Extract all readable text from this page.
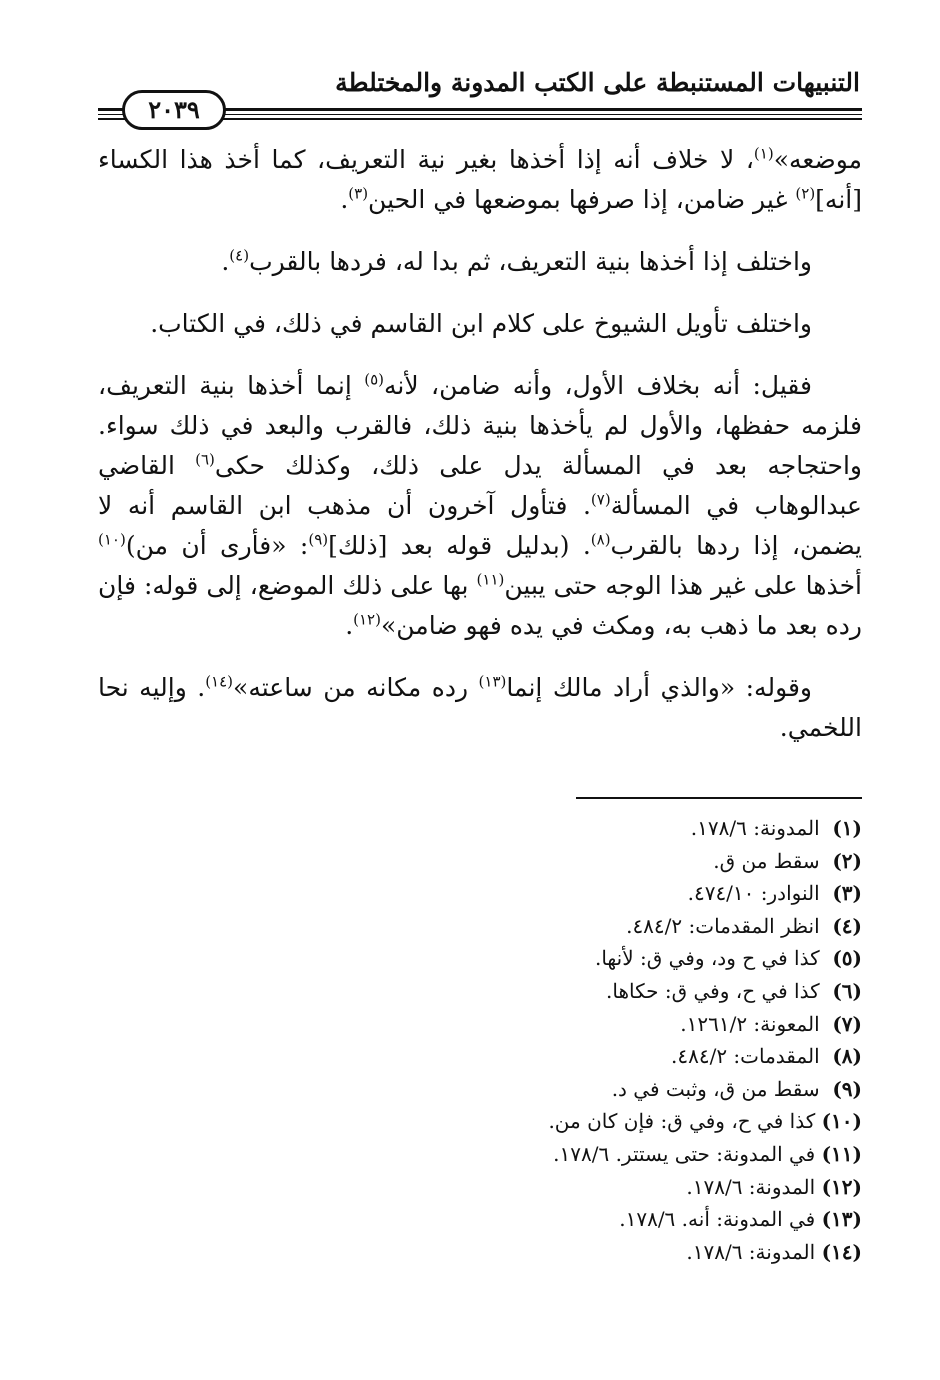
التنبيهات المستنبطة على الكتب المدونة والمختلطة
٢٠٣٩

موضعه»$^{(١)}$، لا خلاف أنه إذا أخذها بغير نية التعريف، كما أخذ هذا الكساء [أنه]$^{(٢)}$ غير ضامن، إذا صرفها بموضعها في الحين$^{(٣)}$.

واختلف إذا أخذها بنية التعريف، ثم بدا له، فردها بالقرب$^{(٤)}$.

واختلف تأويل الشيوخ على كلام ابن القاسم في ذلك، في الكتاب.

فقيل: أنه بخلاف الأول، وأنه ضامن، لأنه$^{(٥)}$ إنما أخذها بنية التعريف، فلزمه حفظها، والأول لم يأخذها بنية ذلك، فالقرب والبعد في ذلك سواء. واحتجاجه بعد في المسألة يدل على ذلك، وكذلك حكى$^{(٦)}$ القاضي عبدالوهاب في المسألة$^{(٧)}$. فتأول آخرون أن مذهب ابن القاسم أنه لا يضمن، إذا ردها بالقرب$^{(٨)}$. (بدليل قوله بعد [ذلك]$^{(٩)}$: «فأرى أن من)$^{(١٠)}$ أخذها على غير هذا الوجه حتى يبين$^{(١١)}$ بها على ذلك الموضع، إلى قوله: فإن رده بعد ما ذهب به، ومكث في يده فهو ضامن»$^{(١٢)}$.

وقوله: «والذي أراد مالك إنما$^{(١٣)}$ رده مكانه من ساعته»$^{(١٤)}$. وإليه نحا اللخمي.

(١) المدونة: ١٧٨/٦.
(٢) سقط من ق.
(٣) النوادر: ٤٧٤/١٠.
(٤) انظر المقدمات: ٤٨٤/٢.
(٥) كذا في ح ود، وفي ق: لأنها.
(٦) كذا في ح، وفي ق: حكاها.
(٧) المعونة: ١٢٦١/٢.
(٨) المقدمات: ٤٨٤/٢.
(٩) سقط من ق، وثبت في د.
(١٠) كذا في ح، وفي ق: فإن كان من.
(١١) في المدونة: حتى يستتر. ١٧٨/٦.
(١٢) المدونة: ١٧٨/٦.
(١٣) في المدونة: أنه. ١٧٨/٦.
(١٤) المدونة: ١٧٨/٦.
